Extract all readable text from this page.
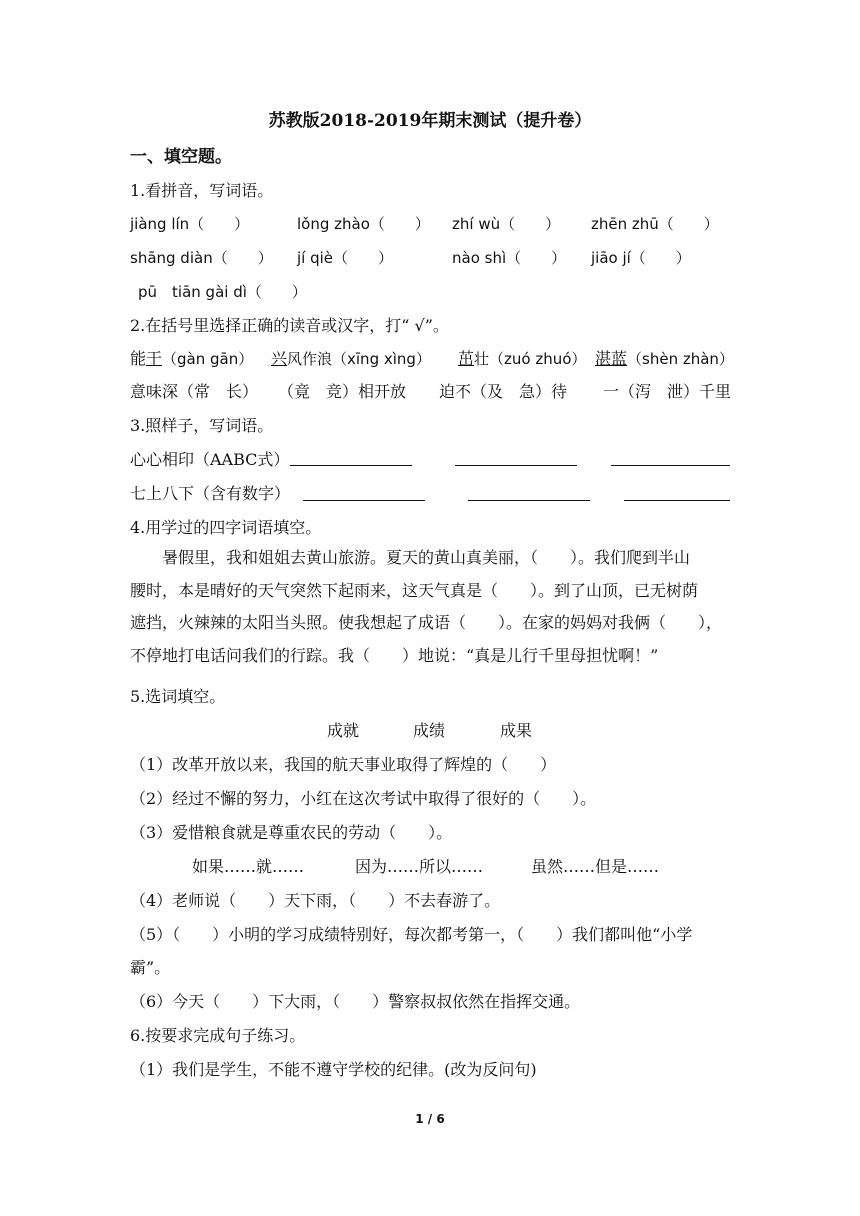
苏教版2018-2019年期末测试（提升卷）
一、填空题。
1.看拼音，写词语。
jiàng lín（　　）	lǒng zhào（　　） zhí wù（　　） zhēn zhū（　　）
shāng diàn（　　） jí qiè（　　）	nào shì（　　） jiāo jí（　　）
pū　tiān gài dì（　　）
2.在括号里选择正确的读音或汉字，打“ √”。
能干（gàn gān） 兴风作浪（xīng xìng） 茁壮（zuó zhuó） 湛蓝（shèn zhàn）
意味深（常　长） （竟　竞）相开放 迫不（及　急）待 一（泻　泄）千里
3.照样子，写词语。
心心相印（AABC式）
七上八下（含有数字）
4.用学过的四字词语填空。
暑假里，我和姐姐去黄山旅游。夏天的黄山真美丽，（　　）。我们爬到半山
腰时，本是晴好的天气突然下起雨来，这天气真是（　　）。到了山顶，已无树荫
遮挡，火辣辣的太阳当头照。使我想起了成语（　　）。在家的妈妈对我俩（　　），
不停地打电话问我们的行踪。我（　　）地说：“真是儿行千里母担忧啊！”
5.选词填空。
成就	成绩	成果
（1）改革开放以来，我国的航天事业取得了辉煌的（　　）
（2）经过不懈的努力，小红在这次考试中取得了很好的（　　）。
（3）爱惜粮食就是尊重农民的劳动（　　）。
如果……就……	因为……所以……	虽然……但是……
（4）老师说（　　）天下雨，（　　）不去春游了。
（5）（　　）小明的学习成绩特别好，每次都考第一，（　　）我们都叫他“小学
霸”。
（6）今天（　　）下大雨，（　　）警察叔叔依然在指挥交通。
6.按要求完成句子练习。
（1）我们是学生，不能不遵守学校的纪律。(改为反问句)
1 / 6
